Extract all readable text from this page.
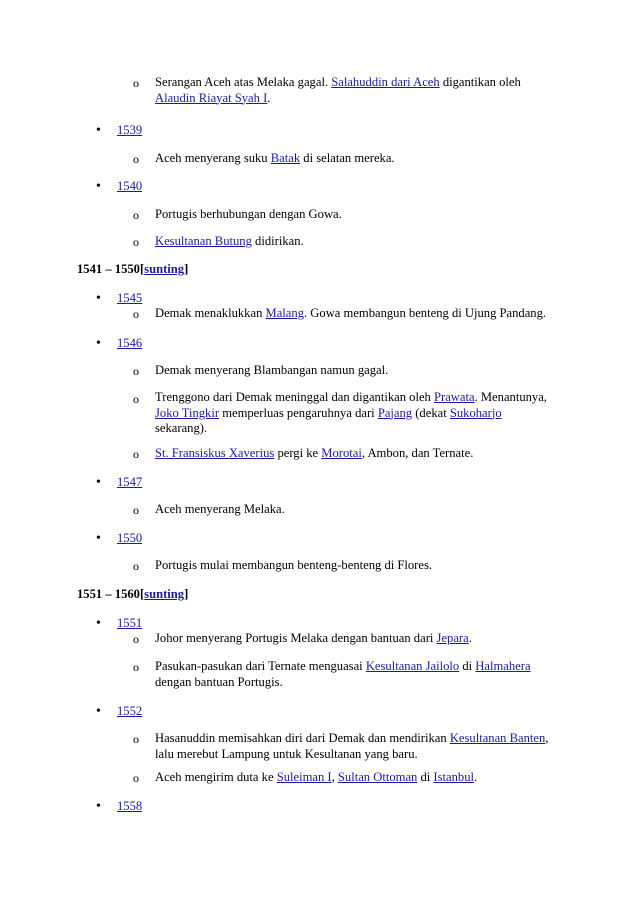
o Serangan Aceh atas Melaka gagal. Salahuddin dari Aceh digantikan oleh
Alaudin Riayat Syah I.
• 1539
o Aceh menyerang suku Batak di selatan mereka.
• 1540
o Portugis berhubungan dengan Gowa.
o Kesultanan Butung didirikan.
1541 – 1550[sunting]
• 1545
o Demak menaklukkan Malang. Gowa membangun benteng di Ujung Pandang.
• 1546
o Demak menyerang Blambangan namun gagal.
o Trenggono dari Demak meninggal dan digantikan oleh Prawata. Menantunya,
Joko Tingkir memperluas pengaruhnya dari Pajang (dekat Sukoharjo
sekarang).
o St. Fransiskus Xaverius pergi ke Morotai, Ambon, dan Ternate.
• 1547
o Aceh menyerang Melaka.
• 1550
o Portugis mulai membangun benteng-benteng di Flores.
1551 – 1560[sunting]
• 1551
o Johor menyerang Portugis Melaka dengan bantuan dari Jepara.
o Pasukan-pasukan dari Ternate menguasai Kesultanan Jailolo di Halmahera
dengan bantuan Portugis.
• 1552
o Hasanuddin memisahkan diri dari Demak dan mendirikan Kesultanan Banten,
lalu merebut Lampung untuk Kesultanan yang baru.
o Aceh mengirim duta ke Suleiman I, Sultan Ottoman di Istanbul.
• 1558
